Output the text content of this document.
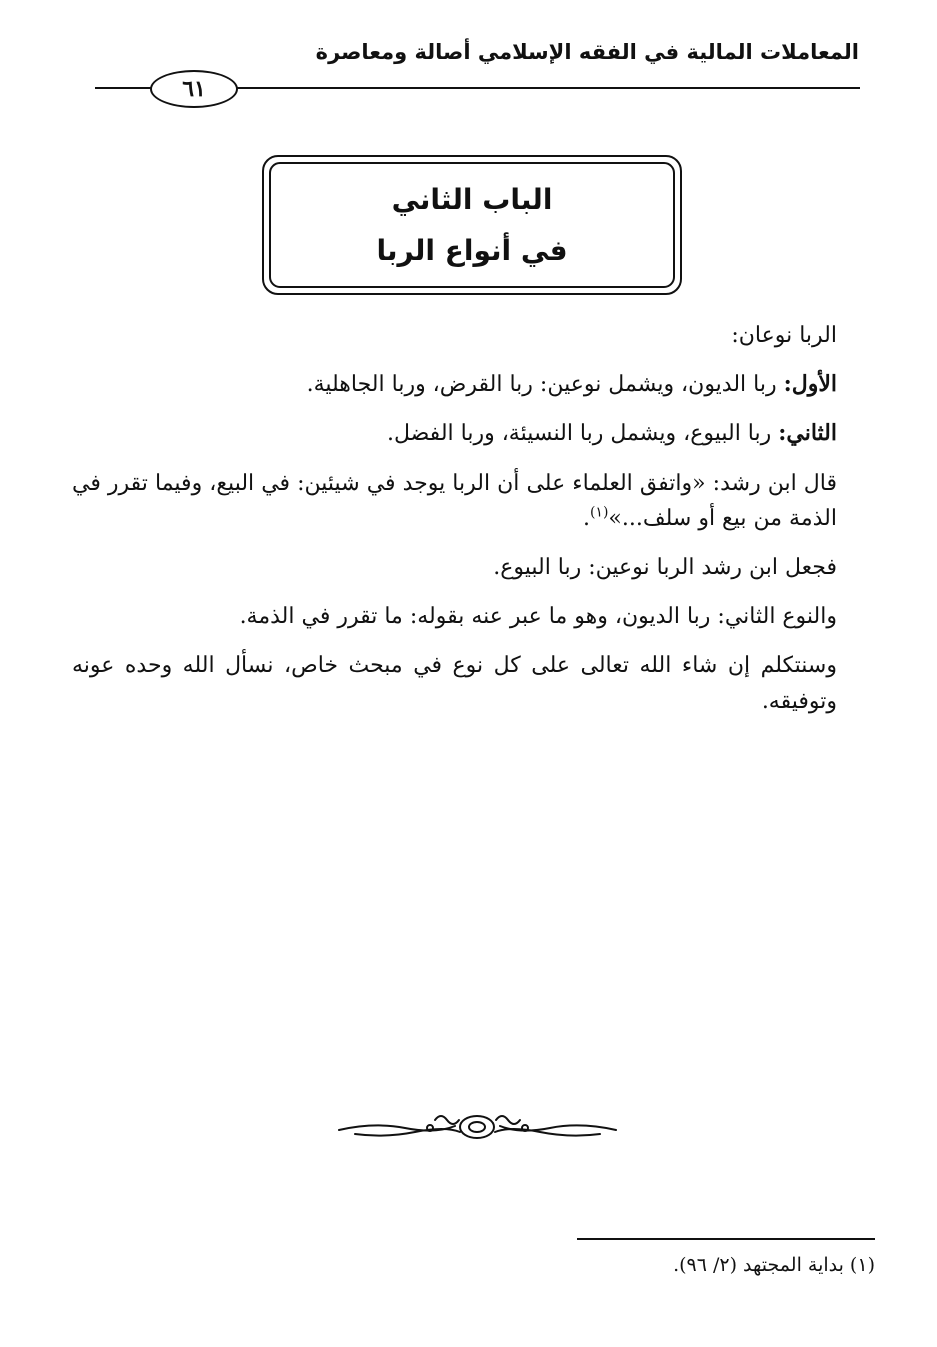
المعاملات المالية في الفقه الإسلامي أصالة ومعاصرة
٦١
الباب الثاني
في أنواع الربا

الربا نوعان:

الأول: ربا الديون، ويشمل نوعين: ربا القرض، وربا الجاهلية.

الثاني: ربا البيوع، ويشمل ربا النسيئة، وربا الفضل.

قال ابن رشد: «واتفق العلماء على أن الربا يوجد في شيئين: في البيع، وفيما تقرر في الذمة من بيع أو سلف...»$^{(١)}$.

فجعل ابن رشد الربا نوعين: ربا البيوع.

والنوع الثاني: ربا الديون، وهو ما عبر عنه بقوله: ما تقرر في الذمة.

وسنتكلم إن شاء الله تعالى على كل نوع في مبحث خاص، نسأل الله وحده عونه وتوفيقه.

(١) بداية المجتهد (٢/ ٩٦).
